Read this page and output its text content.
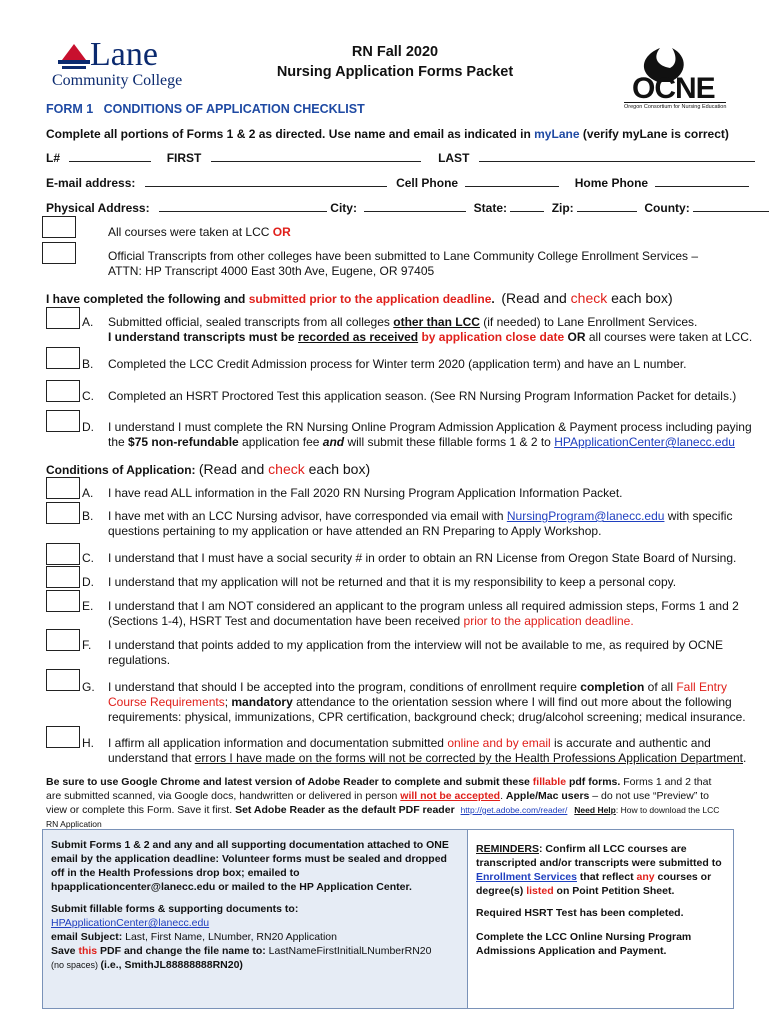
Lane
Community College
RN Fall 2020
Nursing Application Forms Packet	OCNE
Oregon Consortium for Nursing Education
FORM 1   CONDITIONS OF APPLICATION CHECKLIST
Complete all portions of Forms 1 & 2 as directed. Use name and email as indicated in myLane (verify myLane is correct)
L#	FIRST	LAST
E-mail address:	Cell Phone	Home Phone
Physical Address:	City:	State:	Zip:	County:
All courses were taken at LCC OR
Official Transcripts from other colleges have been submitted to Lane Community College Enrollment Services –
ATTN: HP Transcript 4000 East 30th Ave, Eugene, OR 97405
I have completed the following and submitted prior to the application deadline.  (Read and check each box)
A. Submitted official, sealed transcripts from all colleges other than LCC (if needed) to Lane Enrollment Services.
I understand transcripts must be recorded as received by application close date OR all courses were taken at LCC.
B. Completed the LCC Credit Admission process for Winter term 2020 (application term) and have an L number.
C. Completed an HSRT Proctored Test this application season. (See RN Nursing Program Information Packet for details.)
D. I understand I must complete the RN Nursing Online Program Admission Application & Payment process including paying
the $75 non-refundable application fee and will submit these fillable forms 1 & 2 to HPApplicationCenter@lanecc.edu
Conditions of Application: (Read and check each box)
A. I have read ALL information in the Fall 2020 RN Nursing Program Application Information Packet.
B. I have met with an LCC Nursing advisor, have corresponded via email with NursingProgram@lanecc.edu with specific
questions pertaining to my application or have attended an RN Preparing to Apply Workshop.
C. I understand that I must have a social security # in order to obtain an RN License from Oregon State Board of Nursing.
D. I understand that my application will not be returned and that it is my responsibility to keep a personal copy.
E. I understand that I am NOT considered an applicant to the program unless all required admission steps, Forms 1 and 2
(Sections 1-4), HSRT Test and documentation have been received prior to the application deadline.
F. I understand that points added to my application from the interview will not be available to me, as required by OCNE
regulations.
G. I understand that should I be accepted into the program, conditions of enrollment require completion of all Fall Entry
Course Requirements; mandatory attendance to the orientation session where I will find out more about the following
requirements: physical, immunizations, CPR certification, background check; drug/alcohol screening; medical insurance.
H. I affirm all application information and documentation submitted online and by email is accurate and authentic and
understand that errors I have made on the forms will not be corrected by the Health Professions Application Department.
Be sure to use Google Chrome and latest version of Adobe Reader to complete and submit these fillable pdf forms. Forms 1 and 2 that are submitted scanned, via Google docs, handwritten or delivered in person will not be accepted. Apple/Mac users – do not use “Preview” to view or complete this Form. Save it first. Set Adobe Reader as the default PDF reader http://get.adobe.com/reader/ Need Help: How to download the LCC RN Application
Submit Forms 1 & 2 and any and all supporting documentation attached to ONE email by the application deadline: Volunteer forms must be sealed and dropped off in the Health Professions drop box; emailed to hpapplicationcenter@lanecc.edu or mailed to the HP Application Center.
Submit fillable forms & supporting documents to: HPApplicationCenter@lanecc.edu
email Subject: Last, First Name, LNumber, RN20 Application
Save this PDF and change the file name to: LastNameFirstInitialLNumberRN20
(no spaces) (i.e., SmithJL88888888RN20)
REMINDERS: Confirm all LCC courses are transcripted and/or transcripts were submitted to Enrollment Services that reflect any courses or degree(s) listed on Point Petition Sheet.
Required HSRT Test has been completed.
Complete the LCC Online Nursing Program Admissions Application and Payment.
